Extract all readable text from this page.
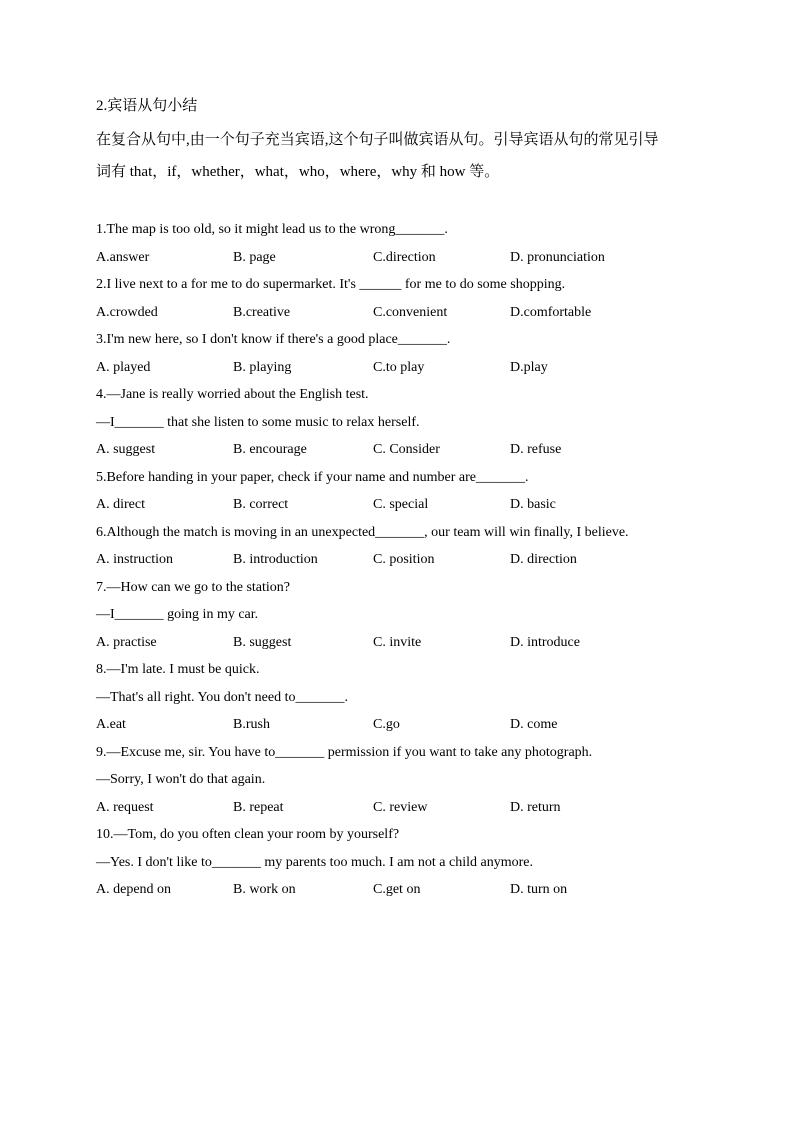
2.宾语从句小结
在复合从句中,由一个句子充当宾语,这个句子叫做宾语从句。引导宾语从句的常见引导
词有 that，if，whether，what，who，where，why 和 how 等。
1.The map is too old, so it might lead us to the wrong_______.
A.answer	B. page	C.direction	D. pronunciation
2.I live next to a for me to do supermarket. It's ______ for me to do some shopping.
A.crowded	B.creative	C.convenient	D.comfortable
3.I'm new here, so I don't know if there's a good place_______.
A. played	B. playing	C.to play	D.play
4.—Jane is really worried about the English test.
—I_______ that she listen to some music to relax herself.
A. suggest	B. encourage	C. Consider	D. refuse
5.Before handing in your paper, check if your name and number are_______.
A. direct	B. correct	C. special	D. basic
6.Although the match is moving in an unexpected_______, our team will win finally, I believe.
A. instruction	B. introduction	C. position	D. direction
7.—How can we go to the station?
—I_______ going in my car.
A. practise	B. suggest	C. invite	D. introduce
8.—I'm late. I must be quick.
—That's all right. You don't need to_______.
A.eat	B.rush	C.go	D. come
9.—Excuse me, sir. You have to_______ permission if you want to take any photograph.
—Sorry, I won't do that again.
A. request	B. repeat	C. review	D. return
10.—Tom, do you often clean your room by yourself?
—Yes. I don't like to_______ my parents too much. I am not a child anymore.
A. depend on	B. work on	C.get on	D. turn on
